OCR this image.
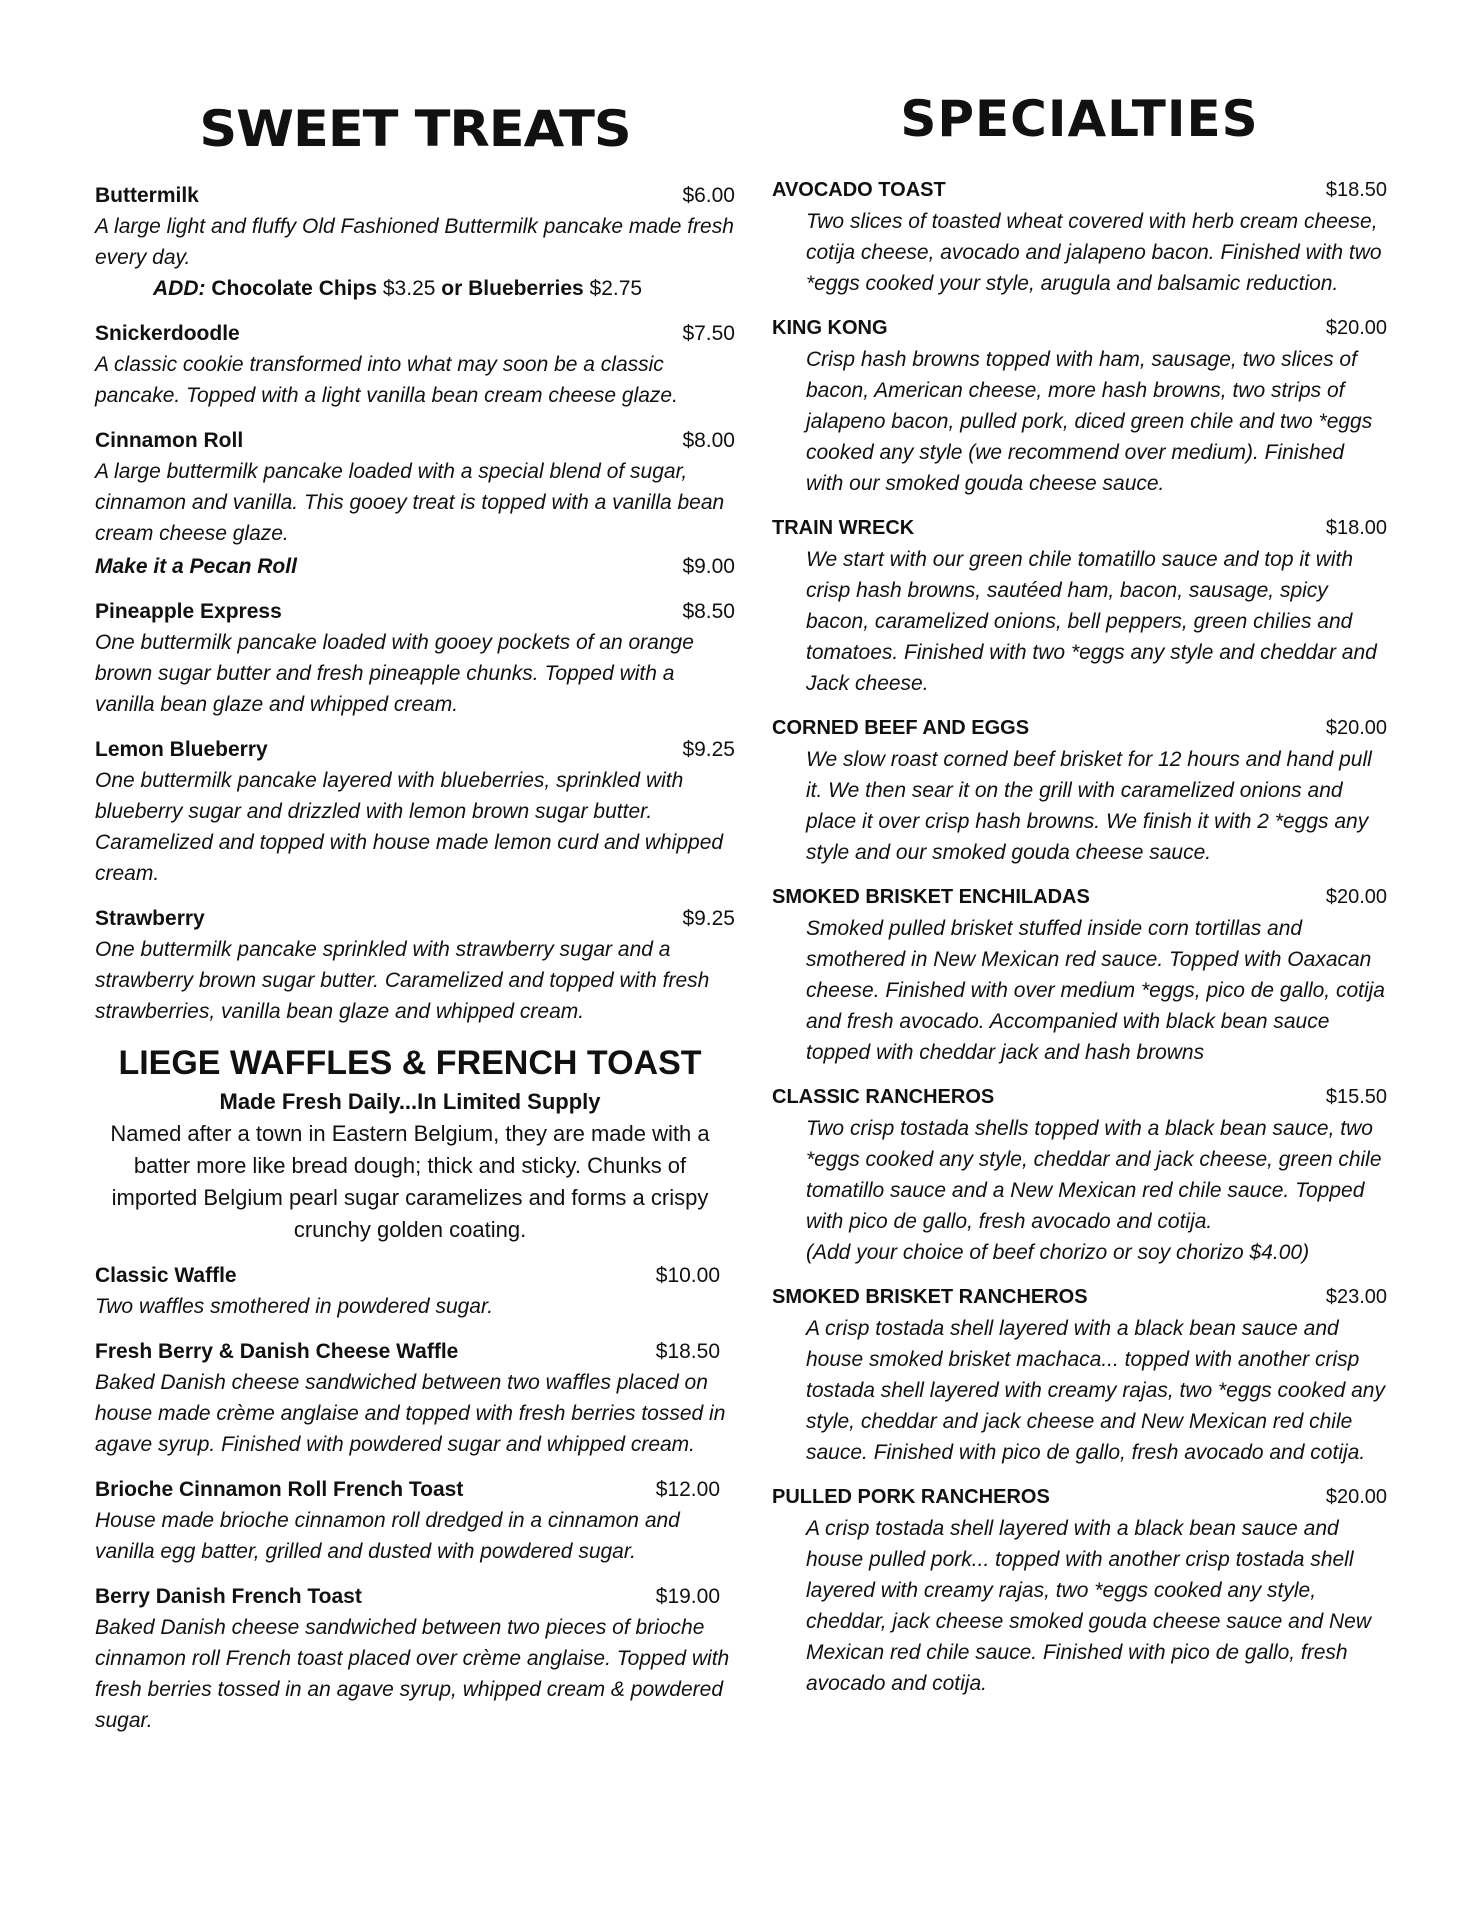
SWEET TREATS
Buttermilk	$6.00

A large light and fluffy Old Fashioned Buttermilk pancake made fresh every day.

ADD: Chocolate Chips $3.25 or Blueberries $2.75
Snickerdoodle	$7.50

A classic cookie transformed into what may soon be a classic pancake. Topped with a light vanilla bean cream cheese glaze.

Cinnamon Roll	$8.00

A large buttermilk pancake loaded with a special blend of sugar, cinnamon and vanilla. This gooey treat is topped with a vanilla bean cream cheese glaze.

Make it a Pecan Roll	$9.00
Pineapple Express	$8.50

One buttermilk pancake loaded with gooey pockets of an orange brown sugar butter and fresh pineapple chunks. Topped with a vanilla bean glaze and whipped cream.

Lemon Blueberry	$9.25

One buttermilk pancake layered with blueberries, sprinkled with blueberry sugar and drizzled with lemon brown sugar butter. Caramelized and topped with house made lemon curd and whipped cream.

Strawberry	$9.25

One buttermilk pancake sprinkled with strawberry sugar and a strawberry brown sugar butter. Caramelized and topped with fresh strawberries, vanilla bean glaze and whipped cream.

LIEGE WAFFLES & FRENCH TOAST
Made Fresh Daily...In Limited Supply

Named after a town in Eastern Belgium, they are made with a batter more like bread dough; thick and sticky. Chunks of imported Belgium pearl sugar caramelizes and forms a crispy crunchy golden coating.

Classic Waffle	$10.00

Two waffles smothered in powdered sugar.

Fresh Berry & Danish Cheese Waffle	$18.50

Baked Danish cheese sandwiched between two waffles placed on house made crème anglaise and topped with fresh berries tossed in agave syrup. Finished with powdered sugar and whipped cream.

Brioche Cinnamon Roll French Toast	$12.00

House made brioche cinnamon roll dredged in a cinnamon and vanilla egg batter, grilled and dusted with powdered sugar.

Berry Danish French Toast	$19.00

Baked Danish cheese sandwiched between two pieces of brioche cinnamon roll French toast placed over crème anglaise. Topped with fresh berries tossed in an agave syrup, whipped cream & powdered sugar.

SPECIALTIES
AVOCADO TOAST	$18.50

Two slices of toasted wheat covered with herb cream cheese, cotija cheese, avocado and jalapeno bacon. Finished with two *eggs cooked your style, arugula and balsamic reduction.

KING KONG	$20.00

Crisp hash browns topped with ham, sausage, two slices of bacon, American cheese, more hash browns, two strips of jalapeno bacon, pulled pork, diced green chile and two *eggs cooked any style (we recommend over medium). Finished with our smoked gouda cheese sauce.

TRAIN WRECK	$18.00

We start with our green chile tomatillo sauce and top it with crisp hash browns, sautéed ham, bacon, sausage, spicy bacon, caramelized onions, bell peppers, green chilies and tomatoes. Finished with two *eggs any style and cheddar and Jack cheese.

CORNED BEEF AND EGGS	$20.00

We slow roast corned beef brisket for 12 hours and hand pull it. We then sear it on the grill with caramelized onions and place it over crisp hash browns. We finish it with 2 *eggs any style and our smoked gouda cheese sauce.

SMOKED BRISKET ENCHILADAS	$20.00

Smoked pulled brisket stuffed inside corn tortillas and smothered in New Mexican red sauce. Topped with Oaxacan cheese. Finished with over medium *eggs, pico de gallo, cotija and fresh avocado. Accompanied with black bean sauce topped with cheddar jack and hash browns

CLASSIC RANCHEROS	$15.50

Two crisp tostada shells topped with a black bean sauce, two *eggs cooked any style, cheddar and jack cheese, green chile tomatillo sauce and a New Mexican red chile sauce. Topped with pico de gallo, fresh avocado and cotija.

(Add your choice of beef chorizo or soy chorizo $4.00)

SMOKED BRISKET RANCHEROS	$23.00

A crisp tostada shell layered with a black bean sauce and house smoked brisket machaca... topped with another crisp tostada shell layered with creamy rajas, two *eggs cooked any style, cheddar and jack cheese and New Mexican red chile sauce. Finished with pico de gallo, fresh avocado and cotija.

PULLED PORK RANCHEROS	$20.00

A crisp tostada shell layered with a black bean sauce and house pulled pork... topped with another crisp tostada shell layered with creamy rajas, two *eggs cooked any style, cheddar, jack cheese smoked gouda cheese sauce and New Mexican red chile sauce. Finished with pico de gallo, fresh avocado and cotija.
